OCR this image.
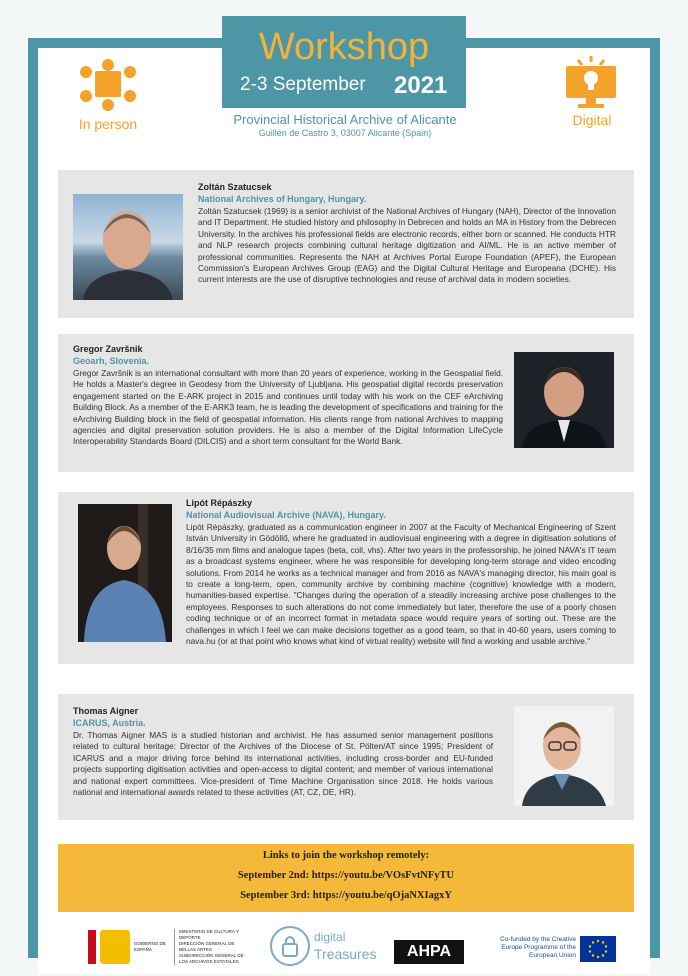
Workshop
2-3 September 2021
Provincial Historical Archive of Alicante
Guillén de Castro 3, 03007 Alicante (Spain)
In person	Digital
Zoltán Szatucsek
National Archives of Hungary, Hungary.
Zoltán Szatucsek (1969) is a senior archivist of the National Archives of Hungary (NAH), Director of the Innovation and IT Department. He studied history and philosophy in Debrecen and holds an MA in History from the Debrecen University. In the archives his professional fields are electronic records, either born or scanned. He conducts HTR and NLP research projects combining cultural heritage digitization and AI/ML. He is an active member of professional communities. Represents the NAH at Archives Portal Europe Foundation (APEF), the European Commission's European Archives Group (EAG) and the Digital Cultural Heritage and Europeana (DCHE). His current interests are the use of disruptive technologies and reuse of archival data in modern societies.
Gregor Završnik
Geoarh, Slovenia.
Gregor Završnik is an international consultant with more than 20 years of experience, working in the Geospatial field. He holds a Master's degree in Geodesy from the University of Ljubljana. His geospatial digital records preservation engagement started on the E-ARK project in 2015 and continues until today with his work on the CEF eArchiving Building Block. As a member of the E-ARK3 team, he is leading the development of specifications and training for the eArchiving Building block in the field of geospatial information. His clients range from national Archives to mapping agencies and digital preservation solution providers. He is also a member of the Digital Information LifeCycle Interoperability Standards Board (DILCIS) and a short term consultant for the World Bank.
Lipót Répászky
National Audiovisual Archive (NAVA), Hungary.
Lipót Répászky, graduated as a communication engineer in 2007 at the Faculty of Mechanical Engineering of Szent István University in Gödöllő, where he graduated in audiovisual engineering with a degree in digitisation solutions of 8/16/35 mm films and analogue tapes (beta, coll, vhs). After two years in the professorship, he joined NAVA's IT team as a broadcast systems engineer, where he was responsible for developing long-term storage and video encoding solutions. From 2014 he works as a technical manager and from 2016 as NAVA's managing director, his main goal is to create a long-term, open, community archive by combining machine (cognitive) knowledge with a modern, humanities-based expertise. "Changes during the operation of a steadily increasing archive pose challenges to the employees. Responses to such alterations do not come immediately but later, therefore the use of a poorly chosen coding technique or of an incorrect format in metadata space would require years of sorting out. These are the challenges in which I feel we can make decisions together as a good team, so that in 40-60 years, users coming to nava.hu (or at that point who knows what kind of virtual reality) website will find a working and usable archive."
Thomas Aigner
ICARUS, Austria.
Dr. Thomas Aigner MAS is a studied historian and archivist. He has assumed senior management positions related to cultural heritage: Director of the Archives of the Diocese of St. Pölten/AT since 1995; President of ICARUS and a major driving force behind its international activities, including cross-border and EU-funded projects supporting digitisation activities and open-access to digital content; and member of various international and national expert committees. Vice-president of Time Machine Organisation since 2018. He holds various national and international awards related to these activities (AT, CZ, DE, HR).
Links to join the workshop remotely:
September 2nd: https://youtu.be/VOsFvtNFyTU
September 3rd: https://youtu.be/qOjaNXIagxY
GOBIERNO DE ESPAÑA
MINISTERIO DE CULTURA Y DEPORTE
DIRECCIÓN GENERAL DE BELLAS ARTES
SUBDIRECCIÓN GENERAL DE LOS ARCHIVOS ESTATALES
digital
Treasures	AHPA
Co-funded by the Creative Europe Programme of the European Union
